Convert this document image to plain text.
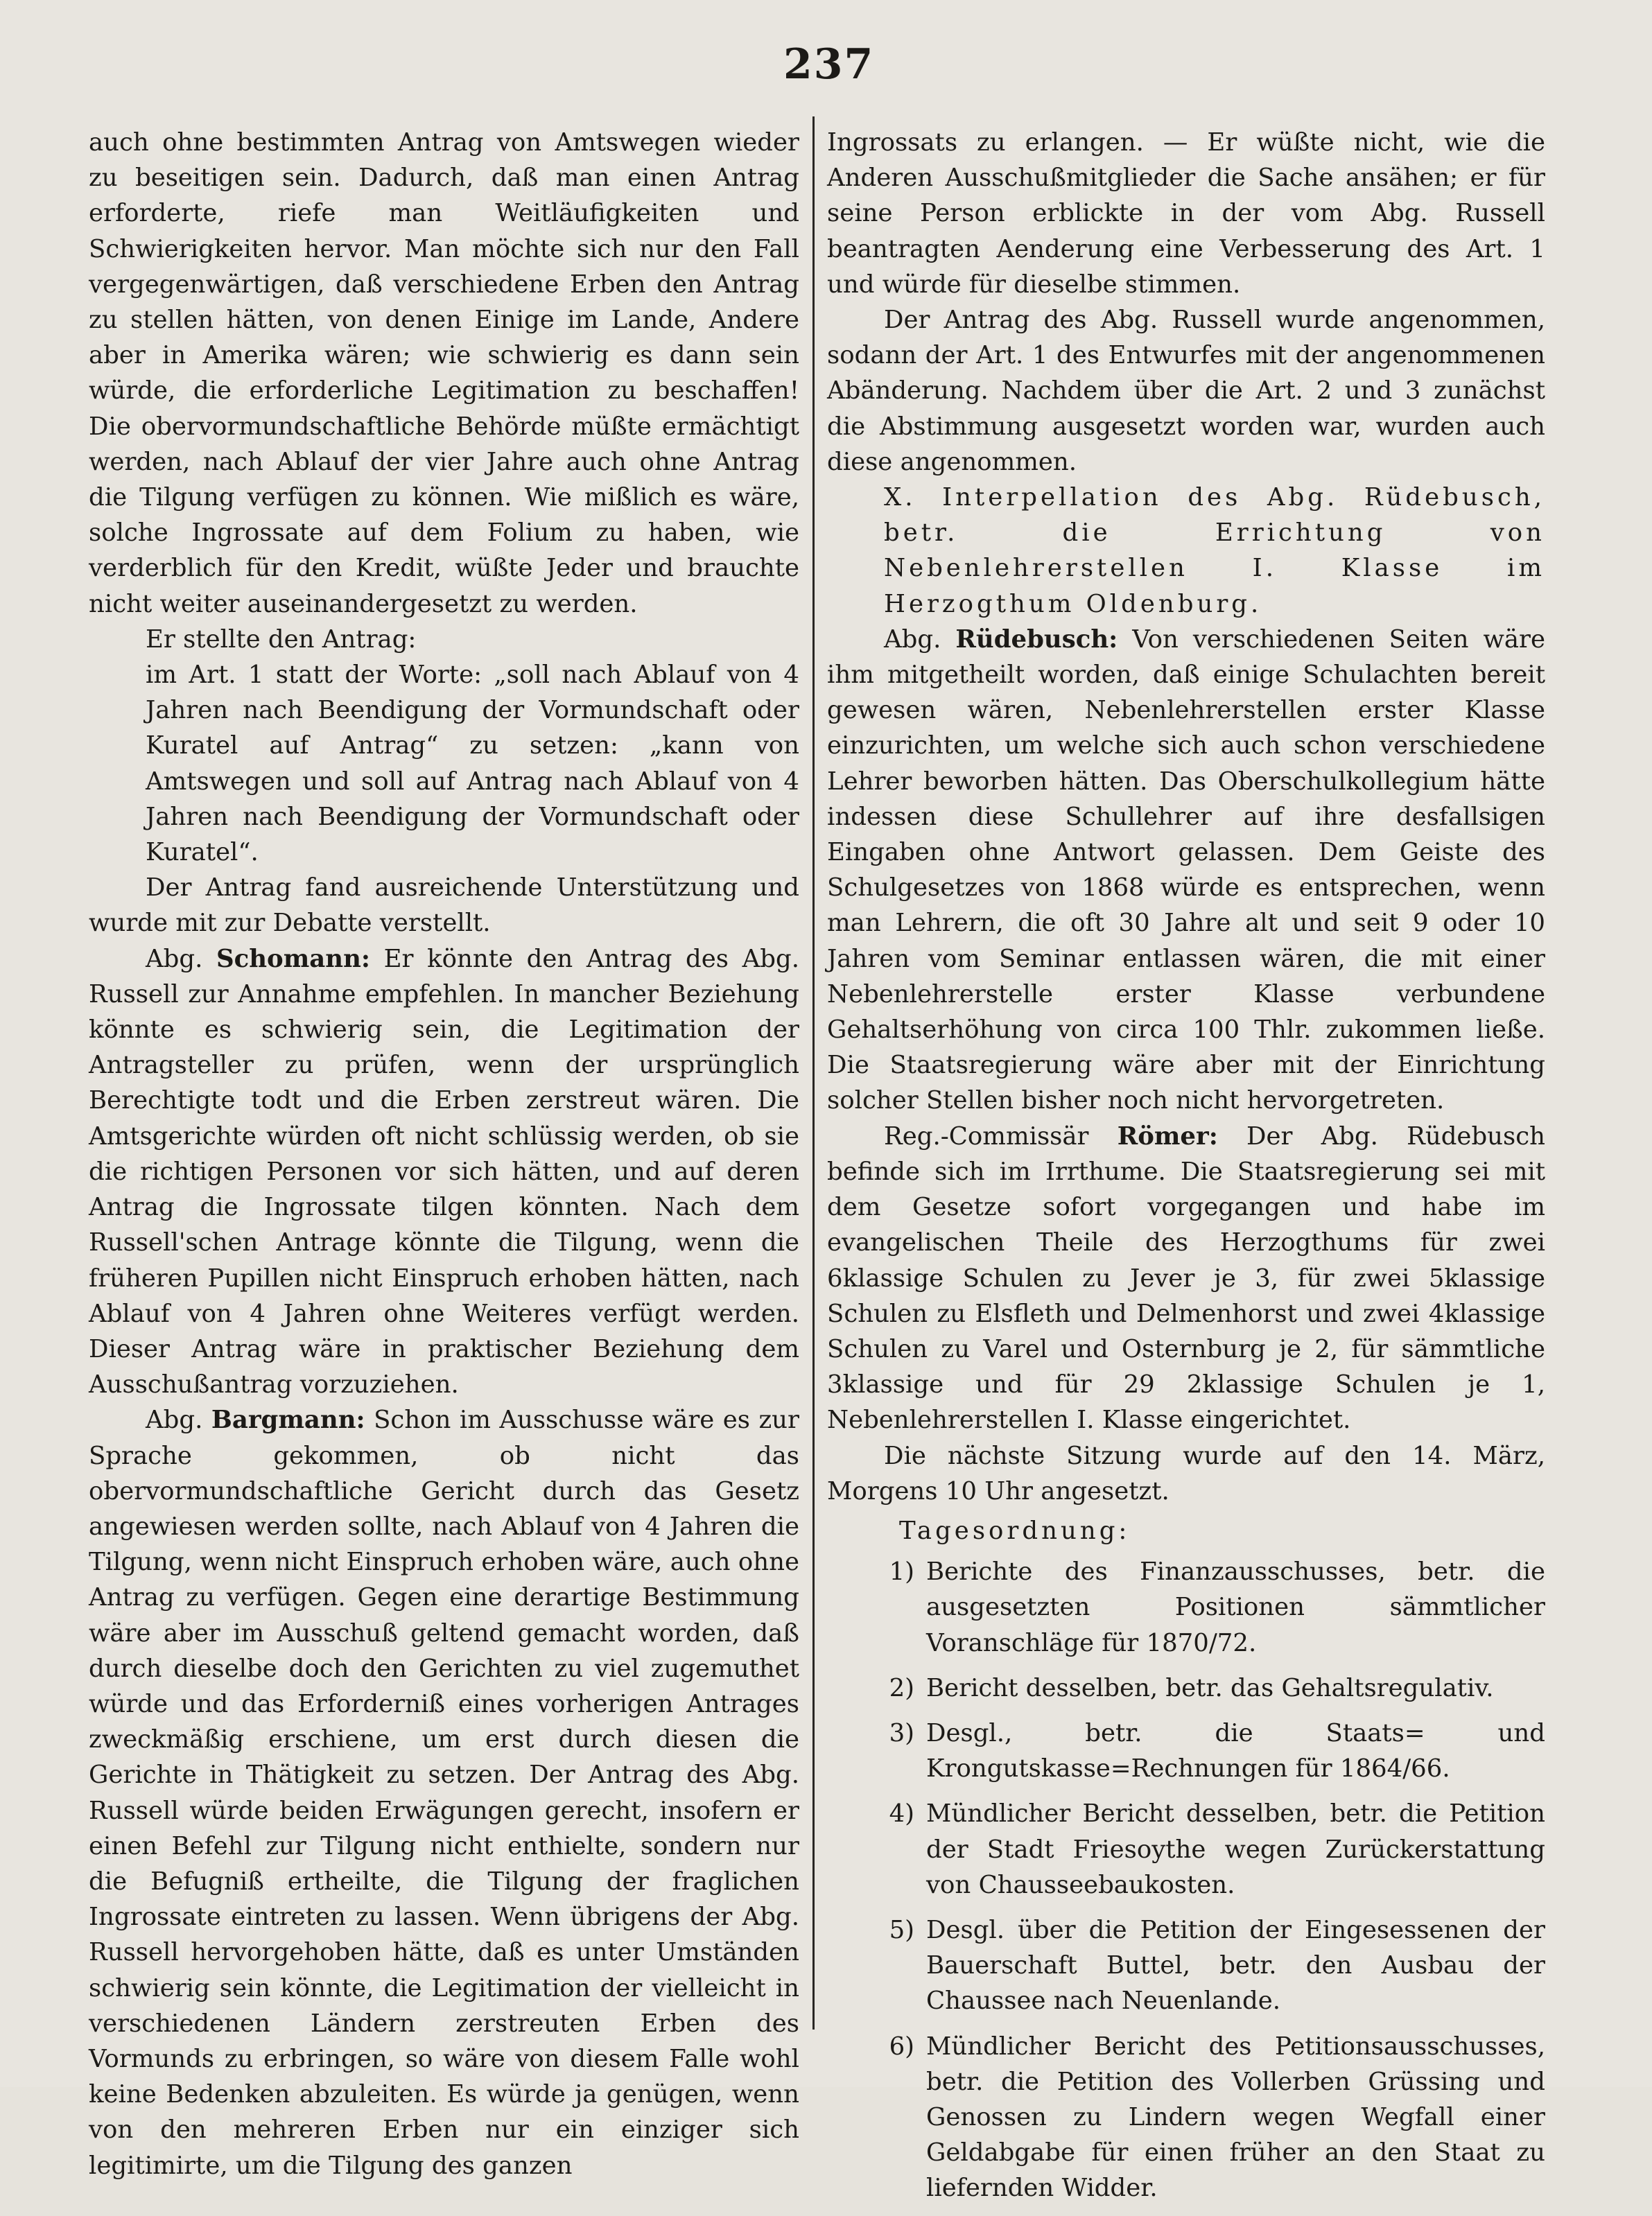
237

auch ohne bestimmten Antrag von Amtswegen wieder zu beseitigen sein. Dadurch, daß man einen Antrag erforderte, riefe man Weitläufigkeiten und Schwierigkeiten hervor. Man möchte sich nur den Fall vergegenwärtigen, daß verschiedene Erben den Antrag zu stellen hätten, von denen Einige im Lande, Andere aber in Amerika wären; wie schwierig es dann sein würde, die erforderliche Legitimation zu beschaffen! Die obervormundschaftliche Behörde müßte ermächtigt werden, nach Ablauf der vier Jahre auch ohne Antrag die Tilgung verfügen zu können. Wie mißlich es wäre, solche Ingrossate auf dem Folium zu haben, wie verderblich für den Kredit, wüßte Jeder und brauchte nicht weiter auseinandergesetzt zu werden.

Er stellte den Antrag:

im Art. 1 statt der Worte: „soll nach Ablauf von 4 Jahren nach Beendigung der Vormundschaft oder Kuratel auf Antrag“ zu setzen: „kann von Amtswegen und soll auf Antrag nach Ablauf von 4 Jahren nach Beendigung der Vormundschaft oder Kuratel“.

Der Antrag fand ausreichende Unterstützung und wurde mit zur Debatte verstellt.

Abg. Schomann: Er könnte den Antrag des Abg. Russell zur Annahme empfehlen. In mancher Beziehung könnte es schwierig sein, die Legitimation der Antragsteller zu prüfen, wenn der ursprünglich Berechtigte todt und die Erben zerstreut wären. Die Amtsgerichte würden oft nicht schlüssig werden, ob sie die richtigen Personen vor sich hätten, und auf deren Antrag die Ingrossate tilgen könnten. Nach dem Russell'schen Antrage könnte die Tilgung, wenn die früheren Pupillen nicht Einspruch erhoben hätten, nach Ablauf von 4 Jahren ohne Weiteres verfügt werden. Dieser Antrag wäre in praktischer Beziehung dem Ausschußantrag vorzuziehen.

Abg. Bargmann: Schon im Ausschusse wäre es zur Sprache gekommen, ob nicht das obervormundschaftliche Gericht durch das Gesetz angewiesen werden sollte, nach Ablauf von 4 Jahren die Tilgung, wenn nicht Einspruch erhoben wäre, auch ohne Antrag zu verfügen. Gegen eine derartige Bestimmung wäre aber im Ausschuß geltend gemacht worden, daß durch dieselbe doch den Gerichten zu viel zugemuthet würde und das Erforderniß eines vorherigen Antrages zweckmäßig erschiene, um erst durch diesen die Gerichte in Thätigkeit zu setzen. Der Antrag des Abg. Russell würde beiden Erwägungen gerecht, insofern er einen Befehl zur Tilgung nicht enthielte, sondern nur die Befugniß ertheilte, die Tilgung der fraglichen Ingrossate eintreten zu lassen. Wenn übrigens der Abg. Russell hervorgehoben hätte, daß es unter Umständen schwierig sein könnte, die Legitimation der vielleicht in verschiedenen Ländern zerstreuten Erben des Vormunds zu erbringen, so wäre von diesem Falle wohl keine Bedenken abzuleiten. Es würde ja genügen, wenn von den mehreren Erben nur ein einziger sich legitimirte, um die Tilgung des ganzen

Ingrossats zu erlangen. — Er wüßte nicht, wie die Anderen Ausschußmitglieder die Sache ansähen; er für seine Person erblickte in der vom Abg. Russell beantragten Aenderung eine Verbesserung des Art. 1 und würde für dieselbe stimmen.

Der Antrag des Abg. Russell wurde angenommen, sodann der Art. 1 des Entwurfes mit der angenommenen Abänderung. Nachdem über die Art. 2 und 3 zunächst die Abstimmung ausgesetzt worden war, wurden auch diese angenommen.

X. Interpellation des Abg. Rüdebusch, betr. die Errichtung von Nebenlehrerstellen I. Klasse im Herzogthum Oldenburg.

Abg. Rüdebusch: Von verschiedenen Seiten wäre ihm mitgetheilt worden, daß einige Schulachten bereit gewesen wären, Nebenlehrerstellen erster Klasse einzurichten, um welche sich auch schon verschiedene Lehrer beworben hätten. Das Oberschulkollegium hätte indessen diese Schullehrer auf ihre desfallsigen Eingaben ohne Antwort gelassen. Dem Geiste des Schulgesetzes von 1868 würde es entsprechen, wenn man Lehrern, die oft 30 Jahre alt und seit 9 oder 10 Jahren vom Seminar entlassen wären, die mit einer Nebenlehrerstelle erster Klasse verbundene Gehaltserhöhung von circa 100 Thlr. zukommen ließe. Die Staatsregierung wäre aber mit der Einrichtung solcher Stellen bisher noch nicht hervorgetreten.

Reg.-Commissär Römer: Der Abg. Rüdebusch befinde sich im Irrthume. Die Staatsregierung sei mit dem Gesetze sofort vorgegangen und habe im evangelischen Theile des Herzogthums für zwei 6klassige Schulen zu Jever je 3, für zwei 5klassige Schulen zu Elsfleth und Delmenhorst und zwei 4klassige Schulen zu Varel und Osternburg je 2, für sämmtliche 3klassige und für 29 2klassige Schulen je 1, Nebenlehrerstellen I. Klasse eingerichtet.

Die nächste Sitzung wurde auf den 14. März, Morgens 10 Uhr angesetzt.

Tagesordnung:

1) Berichte des Finanzausschusses, betr. die ausgesetzten Positionen sämmtlicher Voranschläge für 1870/72.
2) Bericht desselben, betr. das Gehaltsregulativ.
3) Desgl., betr. die Staats= und Krongutskasse=Rechnungen für 1864/66.
4) Mündlicher Bericht desselben, betr. die Petition der Stadt Friesoythe wegen Zurückerstattung von Chausseebaukosten.
5) Desgl. über die Petition der Eingesessenen der Bauerschaft Buttel, betr. den Ausbau der Chaussee nach Neuenlande.
6) Mündlicher Bericht des Petitionsausschusses, betr. die Petition des Vollerben Grüssing und Genossen zu Lindern wegen Wegfall einer Geldabgabe für einen früher an den Staat zu liefernden Widder.
